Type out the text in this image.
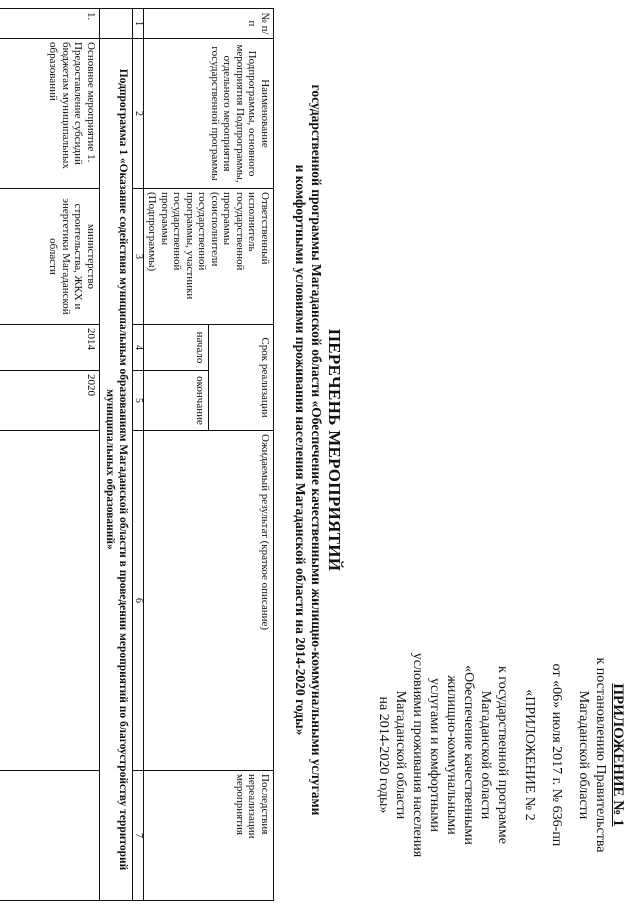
ПРИЛОЖЕНИЕ № 1
к постановлению Правительства
Магаданской области
от «06» июля 2017 г. № 636-пп
«ПРИЛОЖЕНИЕ № 2
к государственной программе
Магаданской области
«Обеспечение качественными
жилищно-коммунальными
услугами и комфортными
условиями проживания населения
Магаданской области
на 2014-2020 годы»
ПЕРЕЧЕНЬ МЕРОПРИЯТИЙ
государственной программы Магаданской области «Обеспечение качественными жилищно-коммунальными услугами
и комфортными условиями проживания населения Магаданской области на 2014-2020 годы»
№ п/п	Наименование Подпрограммы, основного мероприятия Подпрограммы, отдельного мероприятия государственной программы	Ответственный исполнитель государственной программы (соисполнители государственной программы, участники государственной программы (Подпрограммы)	Срок реализации		Ожидаемый результат (краткое описание)	Последствия нереализации мероприятия
			начало	окончание		
1	2	3	4	5	6	7
	Подпрограмма 1 «Оказание содействия муниципальным образованиям Магаданской области в проведении мероприятий по благоустройству территорий муниципальных образований»					
1.	Основное мероприятие 1. Предоставление субсидий бюджетам муниципальных образований	министерство строительства, ЖКХ и энергетики Магаданской области	2014	2020		
